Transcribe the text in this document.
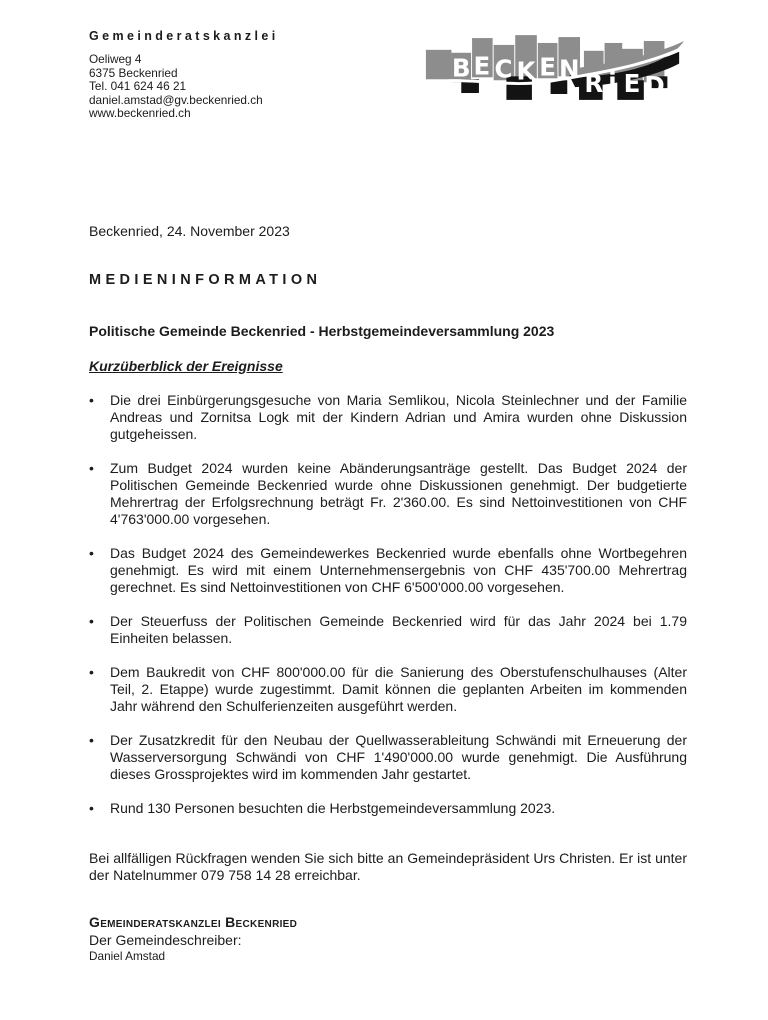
Gemeinderatskanzlei
Oeliweg 4
6375 Beckenried
Tel. 041 624 46 21
daniel.amstad@gv.beckenried.ch
www.beckenried.ch
B E C K E N
R i E D
Beckenried, 24. November 2023
MEDIENINFORMATION
Politische Gemeinde Beckenried - Herbstgemeindeversammlung 2023
Kurzüberblick der Ereignisse
•	Die drei Einbürgerungsgesuche von Maria Semlikou, Nicola Steinlechner und der Familie Andreas und Zornitsa Logk mit der Kindern Adrian und Amira wurden ohne Diskussion gutgeheissen.
•	Zum Budget 2024 wurden keine Abänderungsanträge gestellt. Das Budget 2024 der Politischen Gemeinde Beckenried wurde ohne Diskussionen genehmigt. Der budgetierte Mehrertrag der Erfolgsrechnung beträgt Fr. 2'360.00. Es sind Nettoinvestitionen von CHF 4'763'000.00 vorgesehen.
•	Das Budget 2024 des Gemeindewerkes Beckenried wurde ebenfalls ohne Wortbegehren genehmigt. Es wird mit einem Unternehmensergebnis von CHF 435'700.00 Mehrertrag gerechnet. Es sind Nettoinvestitionen von CHF 6'500'000.00 vorgesehen.
•	Der Steuerfuss der Politischen Gemeinde Beckenried wird für das Jahr 2024 bei 1.79 Einheiten belassen.
•	Dem Baukredit von CHF 800'000.00 für die Sanierung des Oberstufenschulhauses (Alter Teil, 2. Etappe) wurde zugestimmt. Damit können die geplanten Arbeiten im kommenden Jahr während den Schulferienzeiten ausgeführt werden.
•	Der Zusatzkredit für den Neubau der Quellwasserableitung Schwändi mit Erneuerung der Wasserversorgung Schwändi von CHF 1'490'000.00 wurde genehmigt. Die Ausführung dieses Grossprojektes wird im kommenden Jahr gestartet.
•	Rund 130 Personen besuchten die Herbstgemeindeversammlung 2023.
Bei allfälligen Rückfragen wenden Sie sich bitte an Gemeindepräsident Urs Christen. Er ist unter der Natelnummer 079 758 14 28 erreichbar.
Gemeinderatskanzlei Beckenried
Der Gemeindeschreiber:
Daniel Amstad
